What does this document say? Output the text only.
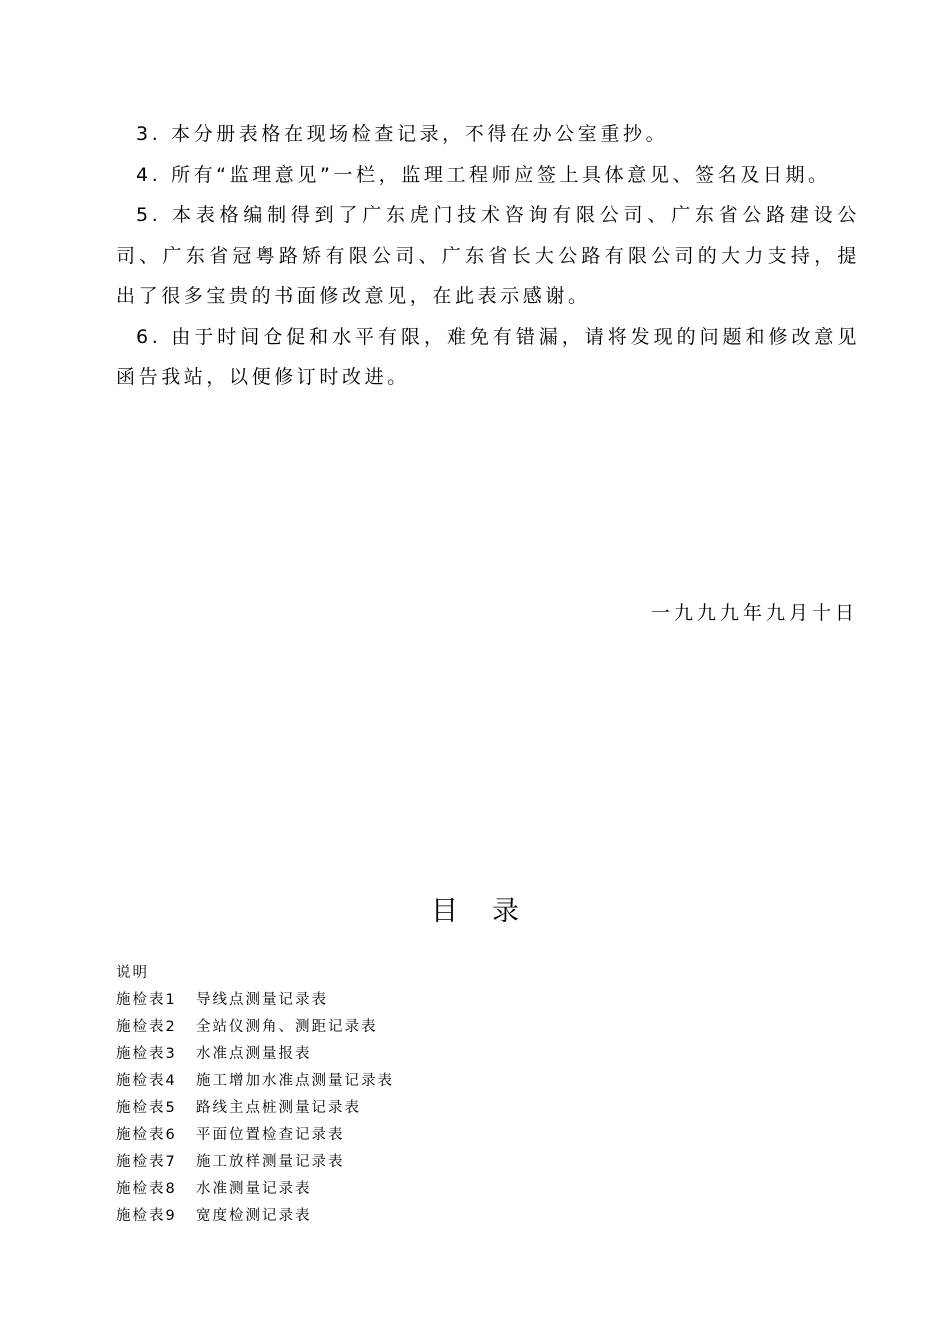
3. 本分册表格在现场检查记录，不得在办公室重抄。

4. 所有“监理意见”一栏，监理工程师应签上具体意见、签名及日期。

5. 本表格编制得到了广东虎门技术咨询有限公司、广东省公路建设公司、广东省冠粤路矫有限公司、广东省长大公路有限公司的大力支持，提出了很多宝贵的书面修改意见，在此表示感谢。

6. 由于时间仓促和水平有限，难免有错漏，请将发现的问题和修改意见函告我站，以便修订时改进。

一九九九年九月十日
目录
说明
施检表1 导线点测量记录表
施检表2 全站仪测角、测距记录表
施检表3 水准点测量报表
施检表4 施工增加水准点测量记录表
施检表5 路线主点桩测量记录表
施检表6 平面位置检查记录表
施检表7 施工放样测量记录表
施检表8 水准测量记录表
施检表9 宽度检测记录表
